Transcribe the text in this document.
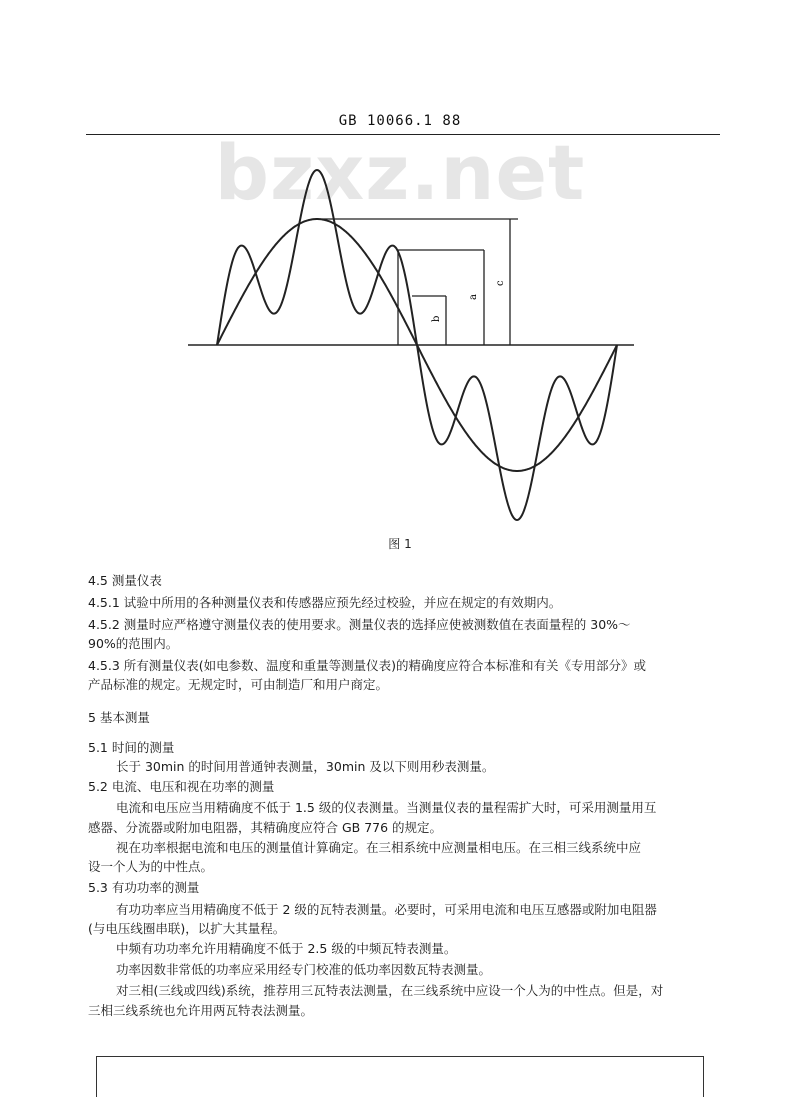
GB 10066.1 88
bzxz.net
b
a
c
图 1
4.5 测量仪表
4.5.1 试验中所用的各种测量仪表和传感器应预先经过校验，并应在规定的有效期内。
4.5.2 测量时应严格遵守测量仪表的使用要求。测量仪表的选择应使被测数值在表面量程的 30%～
90%的范围内。
4.5.3 所有测量仪表(如电参数、温度和重量等测量仪表)的精确度应符合本标准和有关《专用部分》或
产品标准的规定。无规定时，可由制造厂和用户商定。
5 基本测量
5.1 时间的测量
长于 30min 的时间用普通钟表测量，30min 及以下则用秒表测量。
5.2 电流、电压和视在功率的测量
电流和电压应当用精确度不低于 1.5 级的仪表测量。当测量仪表的量程需扩大时，可采用测量用互
感器、分流器或附加电阻器，其精确度应符合 GB 776 的规定。
视在功率根据电流和电压的测量值计算确定。在三相系统中应测量相电压。在三相三线系统中应
设一个人为的中性点。
5.3 有功功率的测量
有功功率应当用精确度不低于 2 级的瓦特表测量。必要时，可采用电流和电压互感器或附加电阻器
(与电压线圈串联)，以扩大其量程。
中频有功功率允许用精确度不低于 2.5 级的中频瓦特表测量。
功率因数非常低的功率应采用经专门校准的低功率因数瓦特表测量。
对三相(三线或四线)系统，推荐用三瓦特表法测量，在三线系统中应设一个人为的中性点。但是，对
三相三线系统也允许用两瓦特表法测量。
